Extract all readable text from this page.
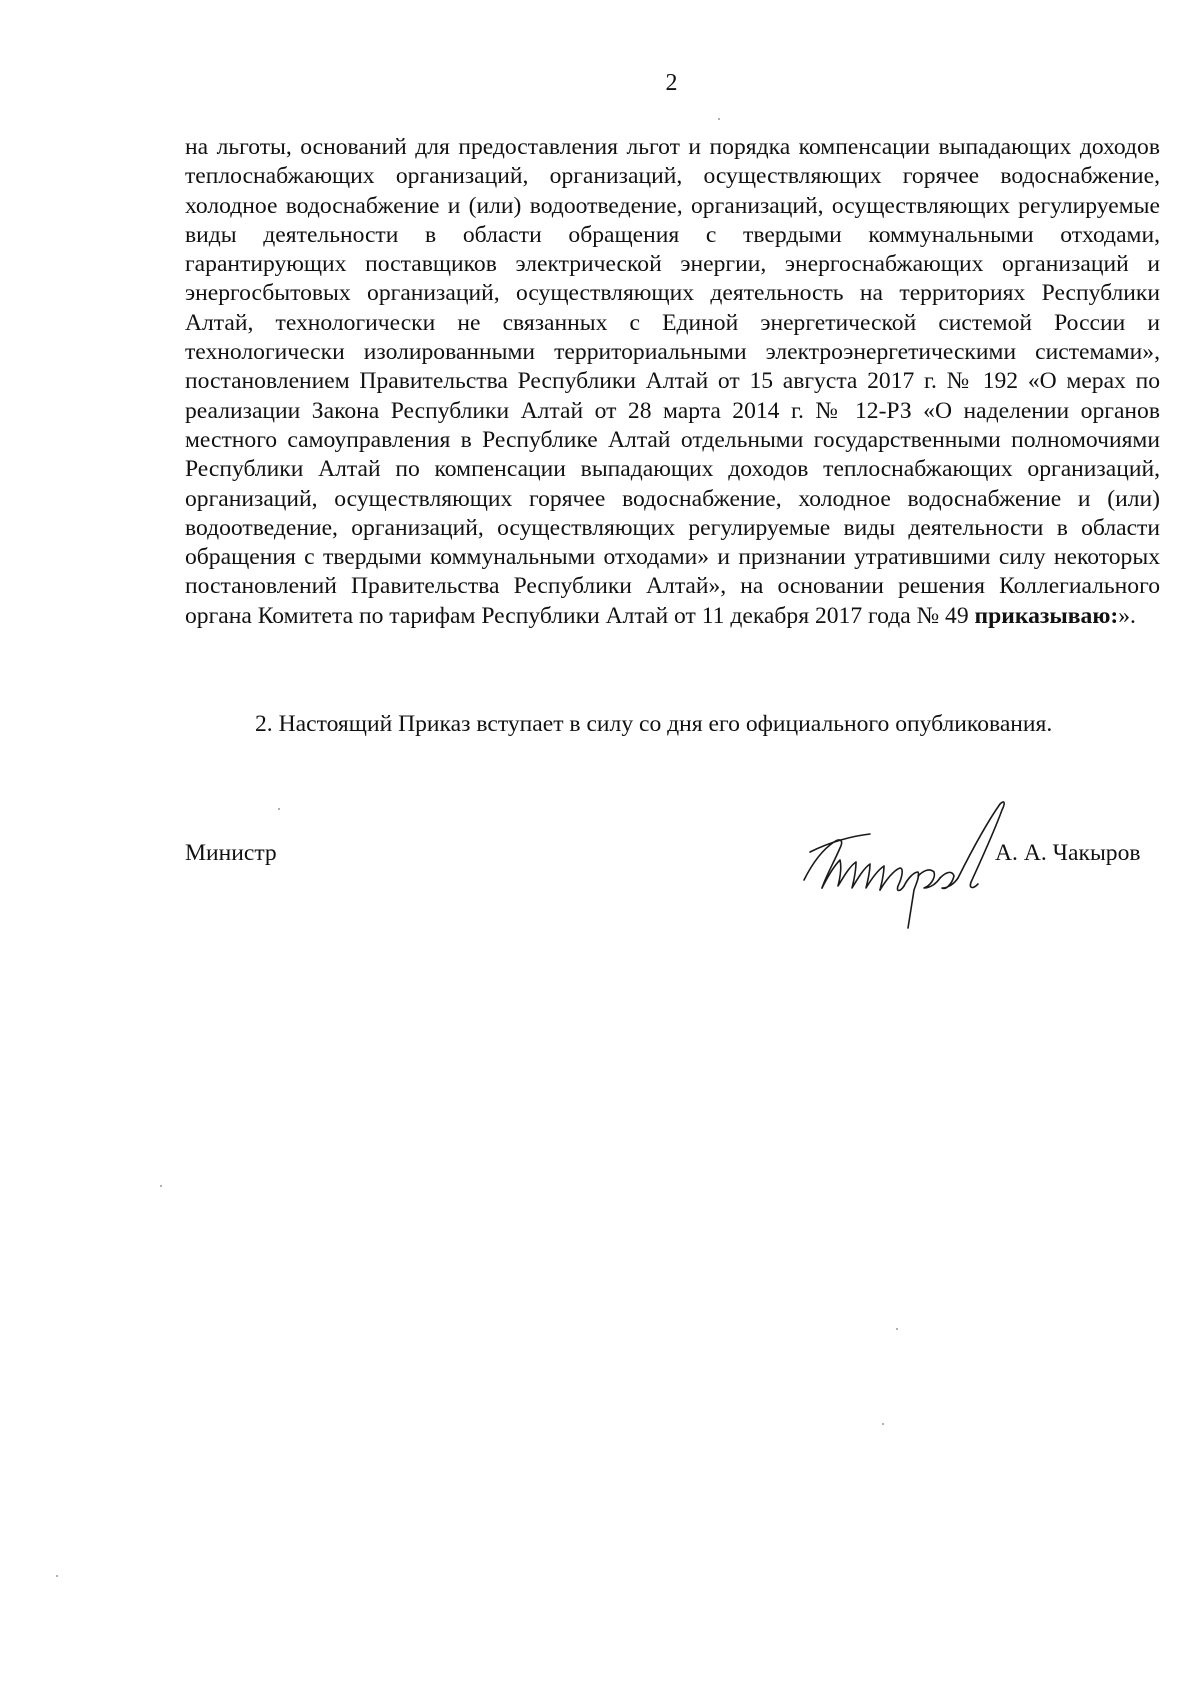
2

на льготы, оснований для предоставления льгот и порядка компенсации выпадающих доходов теплоснабжающих организаций, организаций, осуществляющих горячее водоснабжение, холодное водоснабжение и (или) водоотведение, организаций, осуществляющих регулируемые виды деятельности в области обращения с твердыми коммунальными отходами, гарантирующих поставщиков электрической энергии, энергоснабжающих организаций и энергосбытовых организаций, осуществляющих деятельность на территориях Республики Алтай, технологически не связанных с Единой энергетической системой России и технологически изолированными территориальными электроэнергетическими системами», постановлением Правительства Республики Алтай от 15 августа 2017 г. № 192 «О мерах по реализации Закона Республики Алтай от 28 марта 2014 г. № 12-РЗ «О наделении органов местного самоуправления в Республике Алтай отдельными государственными полномочиями Республики Алтай по компенсации выпадающих доходов теплоснабжающих организаций, организаций, осуществляющих горячее водоснабжение, холодное водоснабжение и (или) водоотведение, организаций, осуществляющих регулируемые виды деятельности в области обращения с твердыми коммунальными отходами» и признании утратившими силу некоторых постановлений Правительства Республики Алтай», на основании решения Коллегиального органа Комитета по тарифам Республики Алтай от 11 декабря 2017 года № 49 приказываю:».

2. Настоящий Приказ вступает в силу со дня его официального опубликования.

Министр	А. А. Чакыров
